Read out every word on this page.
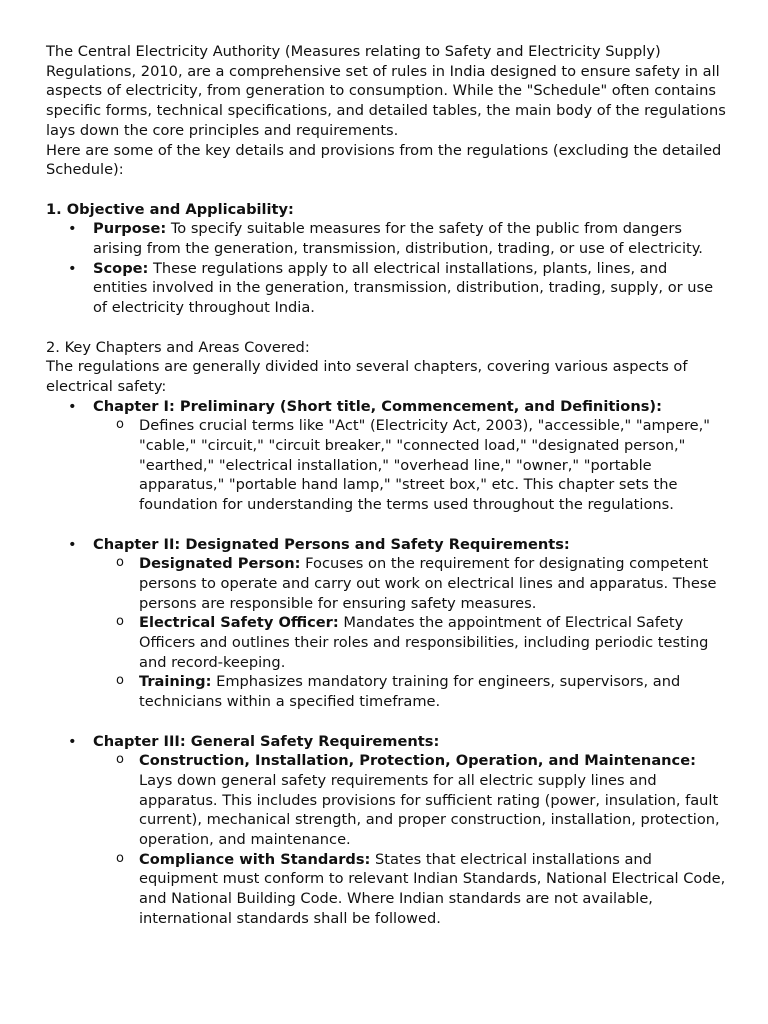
The Central Electricity Authority (Measures relating to Safety and Electricity Supply) Regulations, 2010, are a comprehensive set of rules in India designed to ensure safety in all aspects of electricity, from generation to consumption. While the "Schedule" often contains specific forms, technical specifications, and detailed tables, the main body of the regulations lays down the core principles and requirements.

Here are some of the key details and provisions from the regulations (excluding the detailed Schedule):

1. Objective and Applicability:

• Purpose: To specify suitable measures for the safety of the public from dangers arising from the generation, transmission, distribution, trading, or use of electricity.
• Scope: These regulations apply to all electrical installations, plants, lines, and entities involved in the generation, transmission, distribution, trading, supply, or use of electricity throughout India.

2. Key Chapters and Areas Covered:

The regulations are generally divided into several chapters, covering various aspects of electrical safety:

• Chapter I: Preliminary (Short title, Commencement, and Definitions):
o Defines crucial terms like "Act" (Electricity Act, 2003), "accessible," "ampere," "cable," "circuit," "circuit breaker," "connected load," "designated person," "earthed," "electrical installation," "overhead line," "owner," "portable apparatus," "portable hand lamp," "street box," etc. This chapter sets the foundation for understanding the terms used throughout the regulations.
• Chapter II: Designated Persons and Safety Requirements:
o Designated Person: Focuses on the requirement for designating competent persons to operate and carry out work on electrical lines and apparatus. These persons are responsible for ensuring safety measures.
o Electrical Safety Officer: Mandates the appointment of Electrical Safety Officers and outlines their roles and responsibilities, including periodic testing and record-keeping.
o Training: Emphasizes mandatory training for engineers, supervisors, and technicians within a specified timeframe.
• Chapter III: General Safety Requirements:
o Construction, Installation, Protection, Operation, and Maintenance: Lays down general safety requirements for all electric supply lines and apparatus. This includes provisions for sufficient rating (power, insulation, fault current), mechanical strength, and proper construction, installation, protection, operation, and maintenance.
o Compliance with Standards: States that electrical installations and equipment must conform to relevant Indian Standards, National Electrical Code, and National Building Code. Where Indian standards are not available, international standards shall be followed.
